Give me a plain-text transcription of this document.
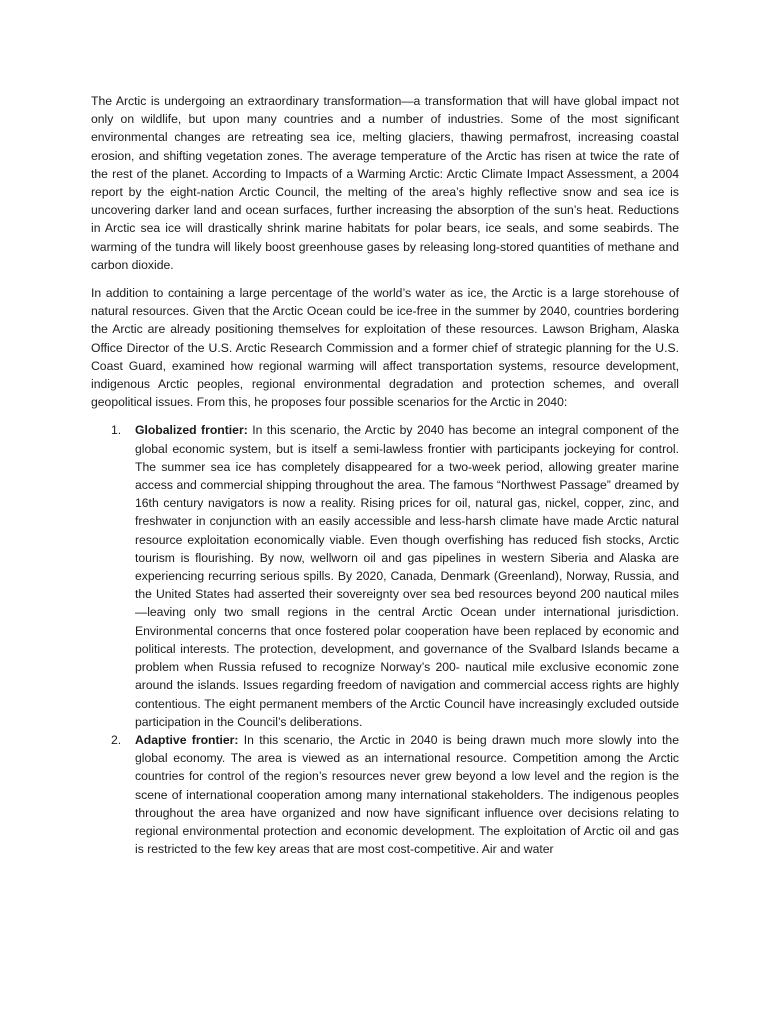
The Arctic is undergoing an extraordinary transformation—a transformation that will have global impact not only on wildlife, but upon many countries and a number of industries. Some of the most significant environmental changes are retreating sea ice, melting glaciers, thawing permafrost, increasing coastal erosion, and shifting vegetation zones. The average temperature of the Arctic has risen at twice the rate of the rest of the planet. According to Impacts of a Warming Arctic: Arctic Climate Impact Assessment, a 2004 report by the eight-nation Arctic Council, the melting of the area’s highly reflective snow and sea ice is uncovering darker land and ocean surfaces, further increasing the absorption of the sun’s heat. Reductions in Arctic sea ice will drastically shrink marine habitats for polar bears, ice seals, and some seabirds. The warming of the tundra will likely boost greenhouse gases by releasing long-stored quantities of methane and carbon dioxide.

In addition to containing a large percentage of the world’s water as ice, the Arctic is a large storehouse of natural resources. Given that the Arctic Ocean could be ice-free in the summer by 2040, countries bordering the Arctic are already positioning themselves for exploitation of these resources. Lawson Brigham, Alaska Office Director of the U.S. Arctic Research Commission and a former chief of strategic planning for the U.S. Coast Guard, examined how regional warming will affect transportation systems, resource development, indigenous Arctic peoples, regional environmental degradation and protection schemes, and overall geopolitical issues. From this, he proposes four possible scenarios for the Arctic in 2040:

1. Globalized frontier: In this scenario, the Arctic by 2040 has become an integral component of the global economic system, but is itself a semi-lawless frontier with participants jockeying for control. The summer sea ice has completely disappeared for a two-week period, allowing greater marine access and commercial shipping throughout the area. The famous “Northwest Passage” dreamed by 16th century navigators is now a reality. Rising prices for oil, natural gas, nickel, copper, zinc, and freshwater in conjunction with an easily accessible and less-harsh climate have made Arctic natural resource exploitation economically viable. Even though overfishing has reduced fish stocks, Arctic tourism is flourishing. By now, wellworn oil and gas pipelines in western Siberia and Alaska are experiencing recurring serious spills. By 2020, Canada, Denmark (Greenland), Norway, Russia, and the United States had asserted their sovereignty over sea bed resources beyond 200 nautical miles—leaving only two small regions in the central Arctic Ocean under international jurisdiction. Environmental concerns that once fostered polar cooperation have been replaced by economic and political interests. The protection, development, and governance of the Svalbard Islands became a problem when Russia refused to recognize Norway’s 200- nautical mile exclusive economic zone around the islands. Issues regarding freedom of navigation and commercial access rights are highly contentious. The eight permanent members of the Arctic Council have increasingly excluded outside participation in the Council’s deliberations.
2. Adaptive frontier: In this scenario, the Arctic in 2040 is being drawn much more slowly into the global economy. The area is viewed as an international resource. Competition among the Arctic countries for control of the region’s resources never grew beyond a low level and the region is the scene of international cooperation among many international stakeholders. The indigenous peoples throughout the area have organized and now have significant influence over decisions relating to regional environmental protection and economic development. The exploitation of Arctic oil and gas is restricted to the few key areas that are most cost-competitive. Air and water
